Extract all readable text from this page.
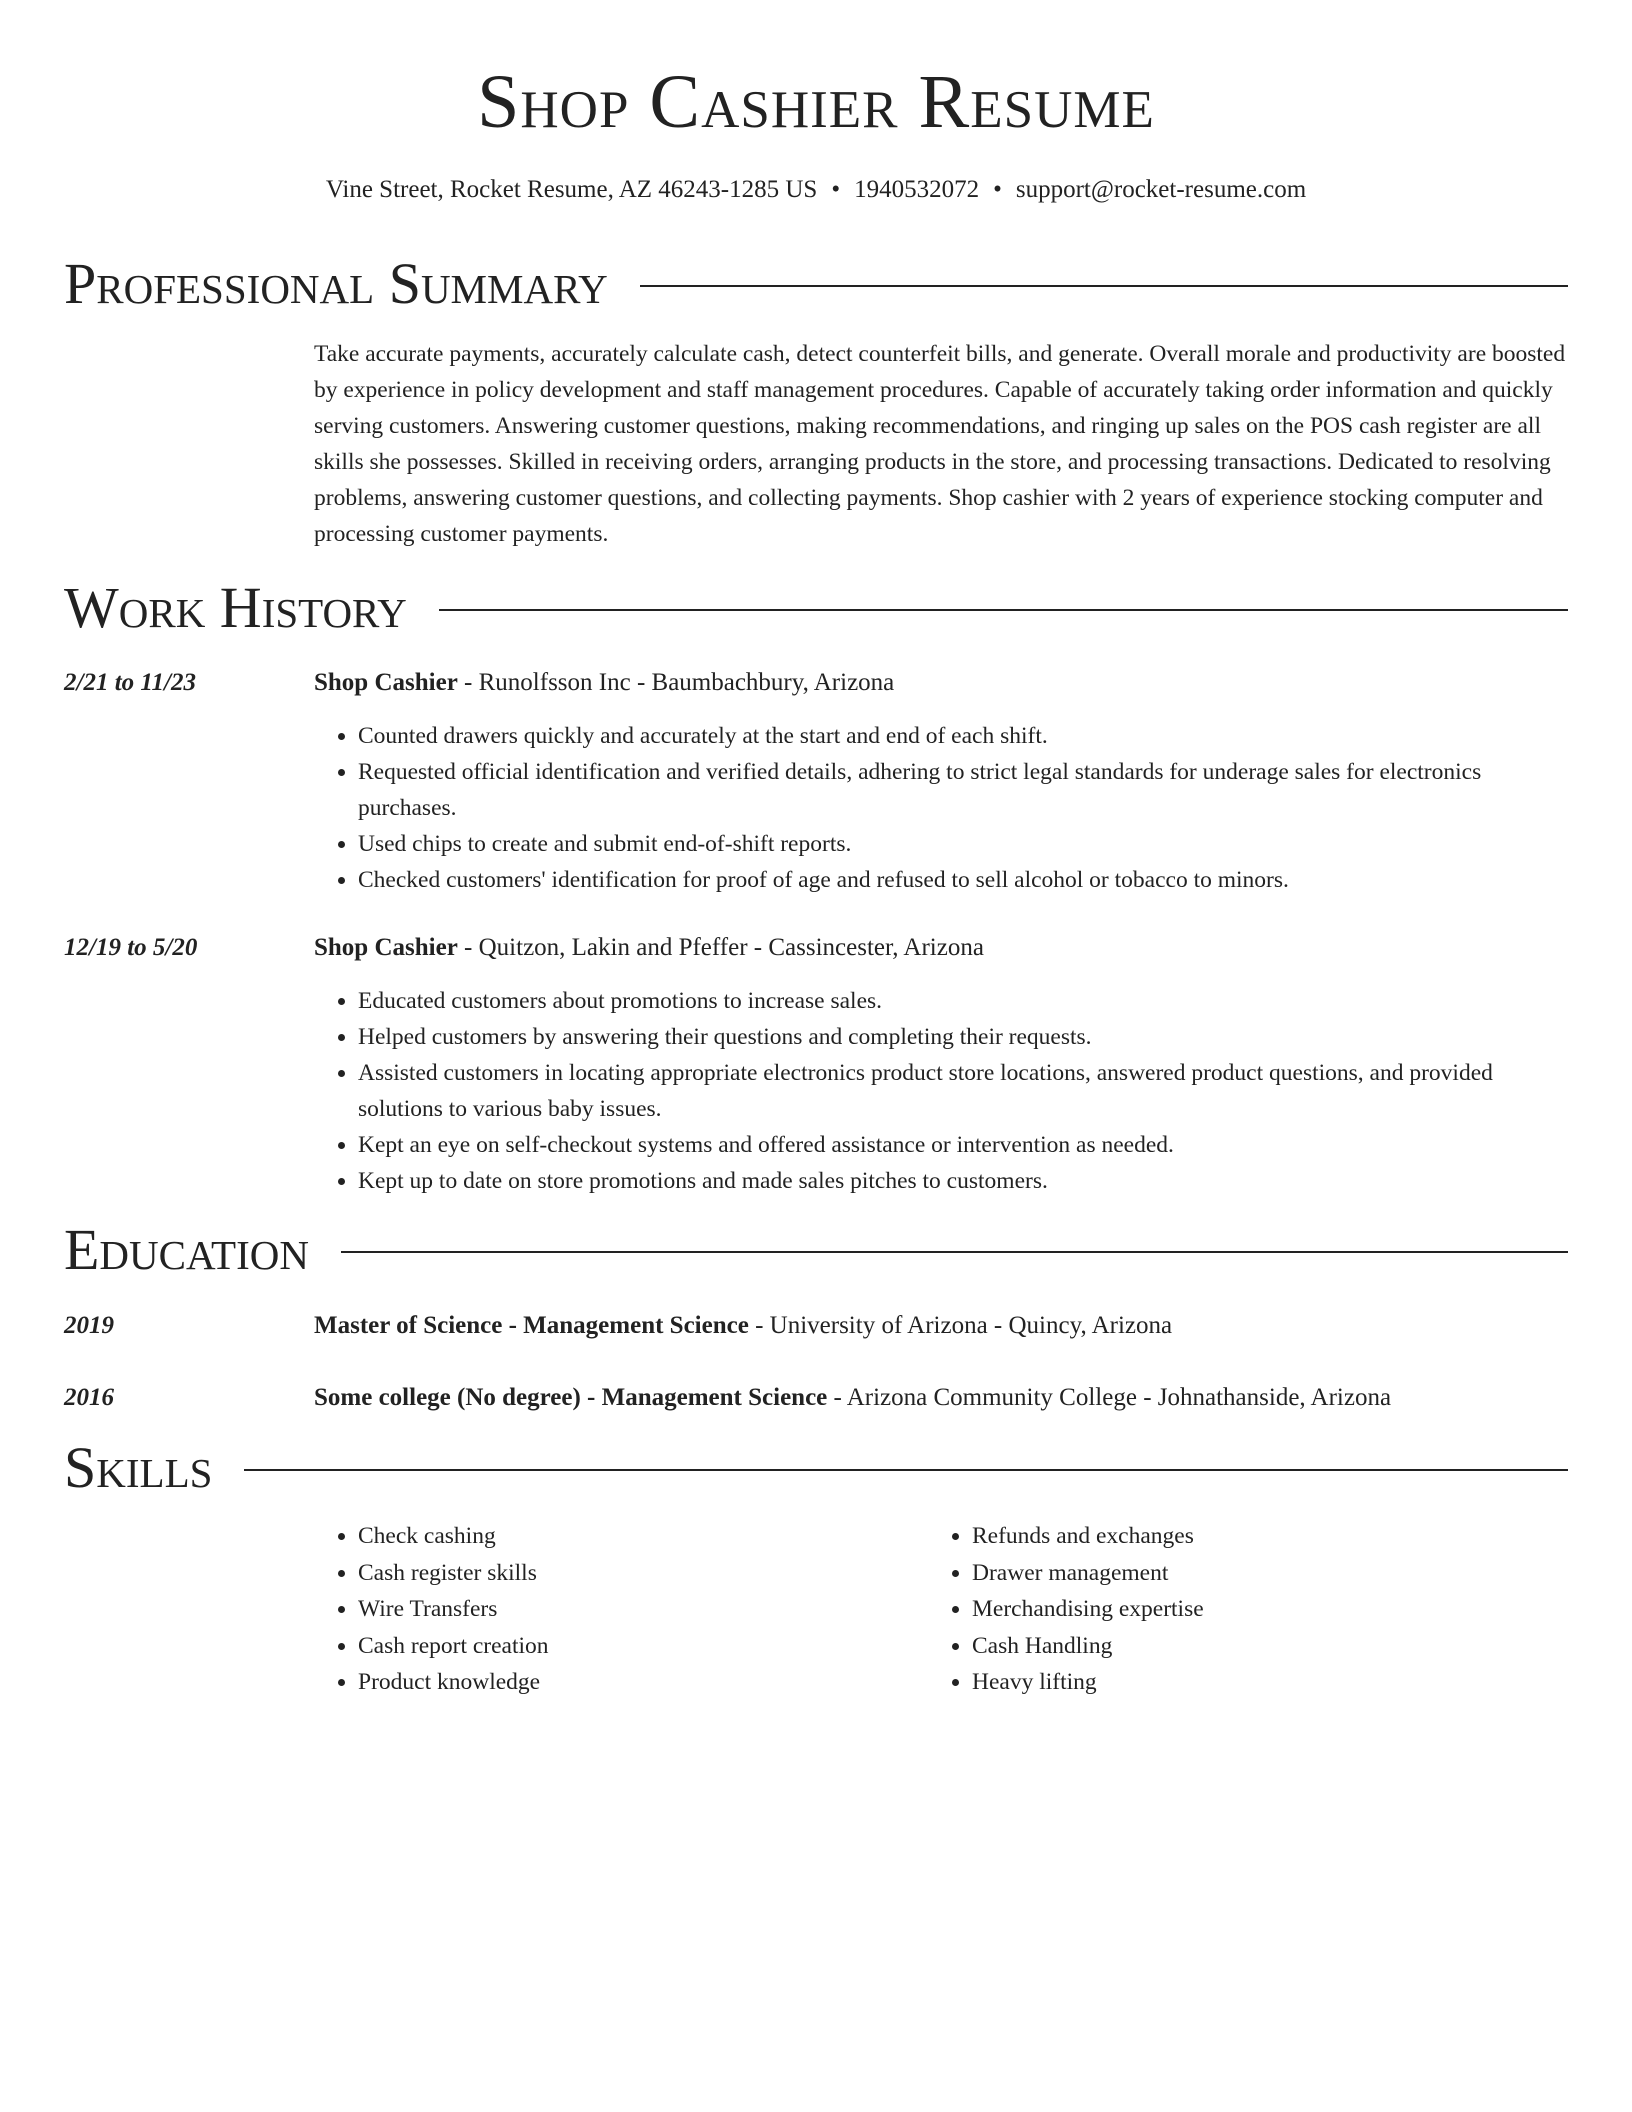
Shop Cashier Resume
Vine Street, Rocket Resume, AZ 46243-1285 US • 1940532072 • support@rocket-resume.com
Professional Summary

Take accurate payments, accurately calculate cash, detect counterfeit bills, and generate. Overall morale and productivity are boosted by experience in policy development and staff management procedures. Capable of accurately taking order information and quickly serving customers. Answering customer questions, making recommendations, and ringing up sales on the POS cash register are all skills she possesses. Skilled in receiving orders, arranging products in the store, and processing transactions. Dedicated to resolving problems, answering customer questions, and collecting payments. Shop cashier with 2 years of experience stocking computer and processing customer payments.

Work History
2/21 to 11/23	Shop Cashier - Runolfsson Inc - Baumbachbury, Arizona
• Counted drawers quickly and accurately at the start and end of each shift.
• Requested official identification and verified details, adhering to strict legal standards for underage sales for electronics purchases.
• Used chips to create and submit end-of-shift reports.
• Checked customers' identification for proof of age and refused to sell alcohol or tobacco to minors.
12/19 to 5/20	Shop Cashier - Quitzon, Lakin and Pfeffer - Cassincester, Arizona
• Educated customers about promotions to increase sales.
• Helped customers by answering their questions and completing their requests.
• Assisted customers in locating appropriate electronics product store locations, answered product questions, and provided solutions to various baby issues.
• Kept an eye on self-checkout systems and offered assistance or intervention as needed.
• Kept up to date on store promotions and made sales pitches to customers.
Education
2019	Master of Science - Management Science - University of Arizona - Quincy, Arizona
2016	Some college (No degree) - Management Science - Arizona Community College - Johnathanside, Arizona
Skills
• Check cashing
• Cash register skills
• Wire Transfers
• Cash report creation
• Product knowledge
• Refunds and exchanges
• Drawer management
• Merchandising expertise
• Cash Handling
• Heavy lifting
